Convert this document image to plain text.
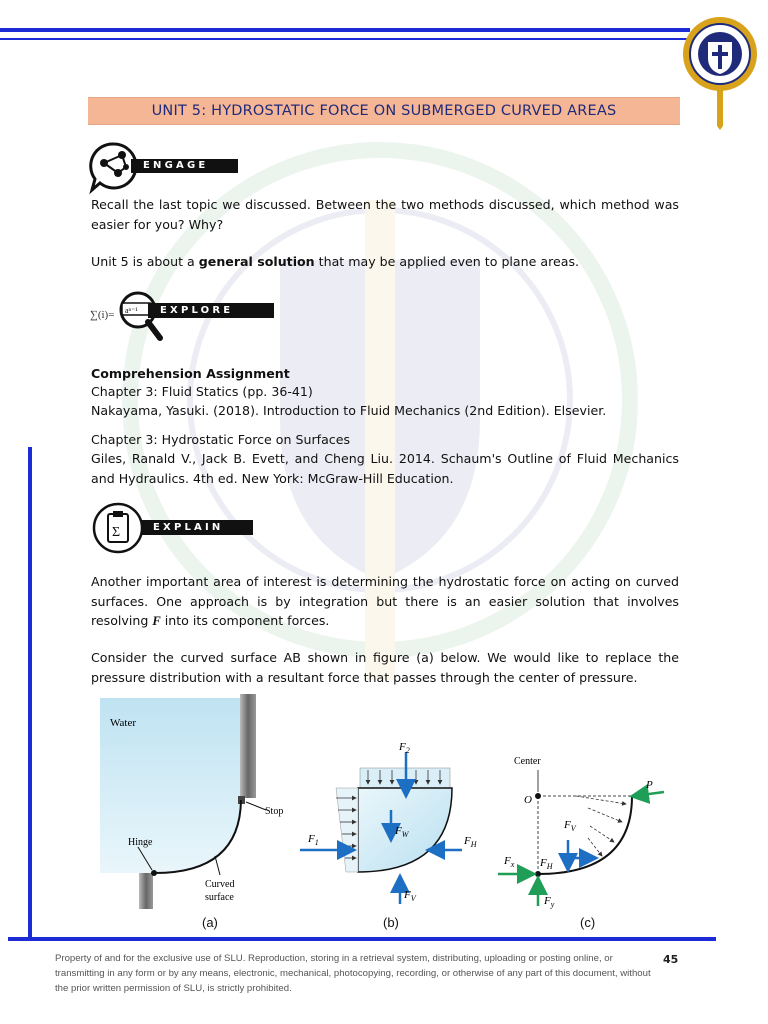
UNIT 5: HYDROSTATIC FORCE ON SUBMERGED CURVED AREAS
ENGAGE
Recall the last topic we discussed. Between the two methods discussed, which method was easier for you? Why?
Unit 5 is about a general solution that may be applied even to plane areas.
∑(i)= aⁿ⁻¹	EXPLORE
Comprehension Assignment
Chapter 3: Fluid Statics (pp. 36-41)
Nakayama, Yasuki. (2018). Introduction to Fluid Mechanics (2nd Edition). Elsevier.
Chapter 3: Hydrostatic Force on Surfaces
Giles, Ranald V., Jack B. Evett, and Cheng Liu. 2014. Schaum's Outline of Fluid Mechanics and Hydraulics. 4th ed. New York: McGraw-Hill Education.
Σ	EXPLAIN
Another important area of interest is determining the hydrostatic force on acting on curved surfaces. One approach is by integration but there is an easier solution that involves resolving F into its component forces.
Consider the curved surface AB shown in figure (a) below. We would like to replace the pressure distribution with a resultant force that passes through the center of pressure.
Water
Stop
Hinge
Curved
surface
$F_2$
$F_1$
$F_W$
$F_H$
$F_V$
Center
O
P
$F_V$
$F_H$
$F_x$
$F_y$
(a)	(b)	(c)
Property of and for the exclusive use of SLU. Reproduction, storing in a retrieval system, distributing, uploading or posting online, or transmitting in any form or by any means, electronic, mechanical, photocopying, recording, or otherwise of any part of this document, without the prior written permission of SLU, is strictly prohibited.
45
